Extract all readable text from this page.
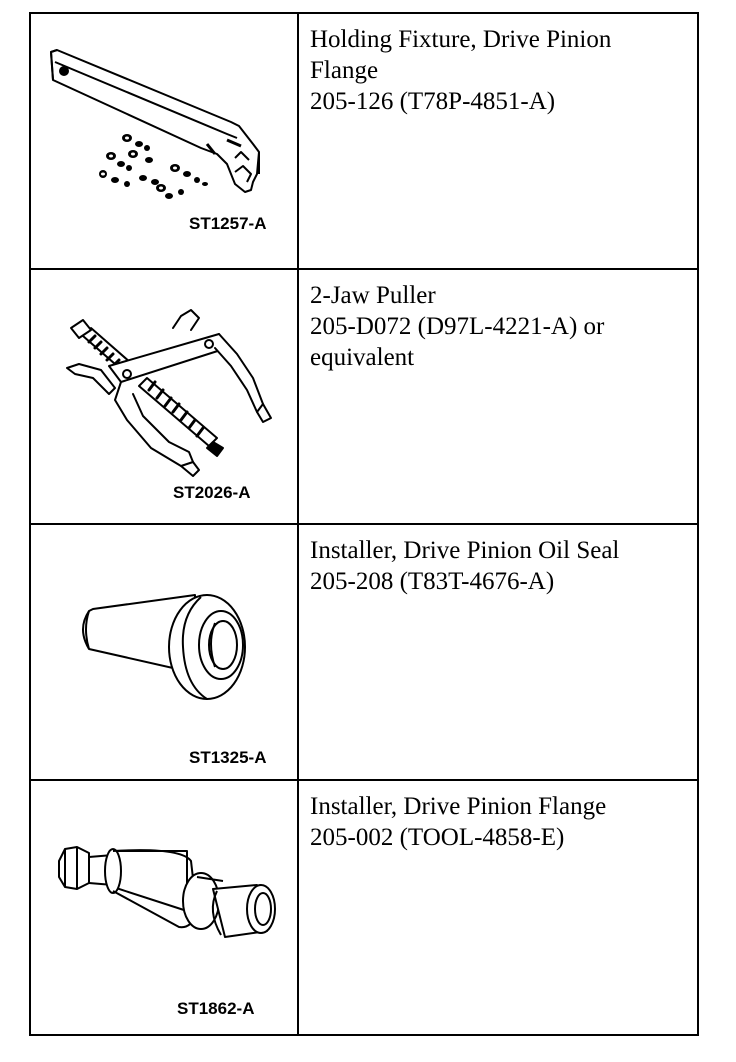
ST1257-A	Holding Fixture, Drive Pinion
Flange
205-126 (T78P-4851-A)

ST2026-A	2-Jaw Puller
205-D072 (D97L-4221-A) or
equivalent

ST1325-A	Installer, Drive Pinion Oil Seal
205-208 (T83T-4676-A)

ST1862-A	Installer, Drive Pinion Flange
205-002 (TOOL-4858-E)
